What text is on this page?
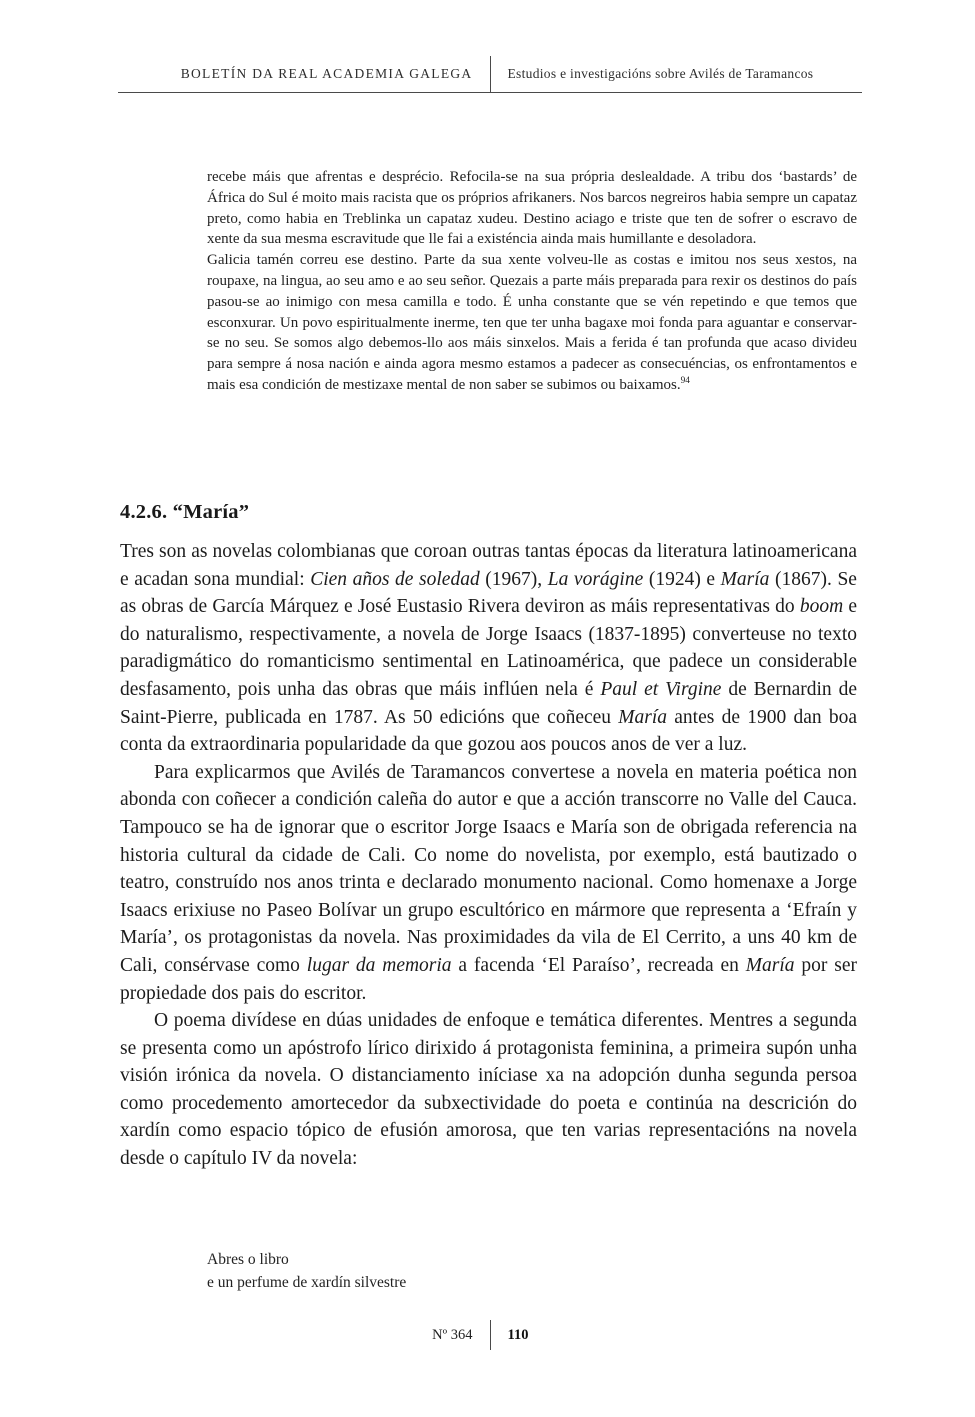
BOLETÍN DA REAL ACADEMIA GALEGA	Estudios e investigacións sobre Avilés de Taramancos

recebe máis que afrentas e desprécio. Refocila-se na sua própria deslealdade. A tribu dos ‘bastards’ de África do Sul é moito mais racista que os próprios afrikaners. Nos barcos negreiros habia sempre un capataz preto, como habia en Treblinka un capataz xudeu. Destino aciago e triste que ten de sofrer o escravo de xente da sua mesma escravitude que lle fai a existéncia ainda mais humillante e desoladora.

Galicia tamén correu ese destino. Parte da sua xente volveu-lle as costas e imitou nos seus xestos, na roupaxe, na lingua, ao seu amo e ao seu señor. Quezais a parte máis preparada para rexir os destinos do país pasou-se ao inimigo con mesa camilla e todo. É unha constante que se vén repetindo e que temos que esconxurar. Un povo espiritualmente inerme, ten que ter unha bagaxe moi fonda para aguantar e conservar-se no seu. Se somos algo debemos-llo aos máis sinxelos. Mais a ferida é tan profunda que acaso divideu para sempre á nosa nación e ainda agora mesmo estamos a padecer as consecuéncias, os enfrontamentos e mais esa condición de mestizaxe mental de non saber se subimos ou baixamos.$^{94}$

4.2.6. “María”

Tres son as novelas colombianas que coroan outras tantas épocas da literatura latinoamericana e acadan sona mundial: Cien años de soledad (1967), La vorágine (1924) e María (1867). Se as obras de García Márquez e José Eustasio Rivera deviron as máis representativas do boom e do naturalismo, respectivamente, a novela de Jorge Isaacs (1837-1895) converteuse no texto paradigmático do romanticismo sentimental en Latinoamérica, que padece un considerable desfasamento, pois unha das obras que máis inflúen nela é Paul et Virgine de Bernardin de Saint-Pierre, publicada en 1787. As 50 edicións que coñeceu María antes de 1900 dan boa conta da extraordinaria popularidade da que gozou aos poucos anos de ver a luz.

Para explicarmos que Avilés de Taramancos convertese a novela en materia poética non abonda con coñecer a condición caleña do autor e que a acción transcorre no Valle del Cauca. Tampouco se ha de ignorar que o escritor Jorge Isaacs e María son de obrigada referencia na historia cultural da cidade de Cali. Co nome do novelista, por exemplo, está bautizado o teatro, construído nos anos trinta e declarado monumento nacional. Como homenaxe a Jorge Isaacs erixiuse no Paseo Bolívar un grupo escultórico en mármore que representa a ‘Efraín y María’, os protagonistas da novela. Nas proximidades da vila de El Cerrito, a uns 40 km de Cali, consérvase como lugar da memoria a facenda ‘El Paraíso’, recreada en María por ser propiedade dos pais do escritor.

O poema divídese en dúas unidades de enfoque e temática diferentes. Mentres a segunda se presenta como un apóstrofo lírico dirixido á protagonista feminina, a primeira supón unha visión irónica da novela. O distanciamento iníciase xa na adopción dunha segunda persoa como procedemento amortecedor da subxectividade do poeta e continúa na descrición do xardín como espacio tópico de efusión amorosa, que ten varias representacións na novela desde o capítulo IV da novela:

Abres o libro
e un perfume de xardín silvestre
Nº 364	110
